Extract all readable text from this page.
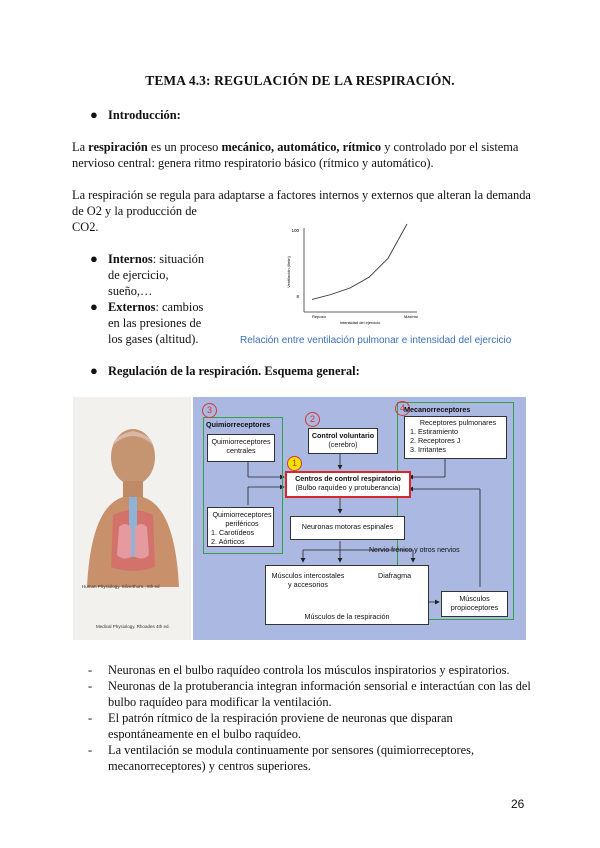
TEMA 4.3: REGULACIÓN DE LA RESPIRACIÓN.
● Introducción:
La respiración es un proceso mecánico, automático, rítmico y controlado por el sistema nervioso central: genera ritmo respiratorio básico (rítmico y automático).
La respiración se regula para adaptarse a factores internos y externos que alteran la demanda
de O2 y la producción de
CO2.
● Internos: situación de ejercicio, sueño,…
● Externos: cambios en las presiones de los gases (altitud).
100
8
Ventilación (l/min)
Reposo	Máximo
Intensidad del ejercicio
Relación entre ventilación pulmonar e intensidad del ejercicio
● Regulación de la respiración. Esquema general:
Human Physiology. Silverthorn., 6th ed
Medical Physiology. Rhoades 4th ed.
3
2
1
4
Quimiorreceptores
Quimiorreceptores centrales
Quimiorreceptores periféricos
1. Carotídeos
2. Aórticos
Control voluntario
(cerebro)
Centros de control respiratorio
(Bulbo raquídeo y protuberancia)
Neuronas motoras espinales
Nervio frénico y otros nervios
Músculos intercostales y accesorios
Diafragma
Músculos de la respiración
Mecanorreceptores
Receptores pulmonares
1. Estiramiento
2. Receptores J
3. Irritantes
Músculos propioceptores
- Neuronas en el bulbo raquídeo controla los músculos inspiratorios y espiratorios.
- Neuronas de la protuberancia integran información sensorial e interactúan con las del bulbo raquídeo para modificar la ventilación.
- El patrón rítmico de la respiración proviene de neuronas que disparan espontáneamente en el bulbo raquídeo.
- La ventilación se modula continuamente por sensores (quimiorreceptores, mecanorreceptores) y centros superiores.
26
